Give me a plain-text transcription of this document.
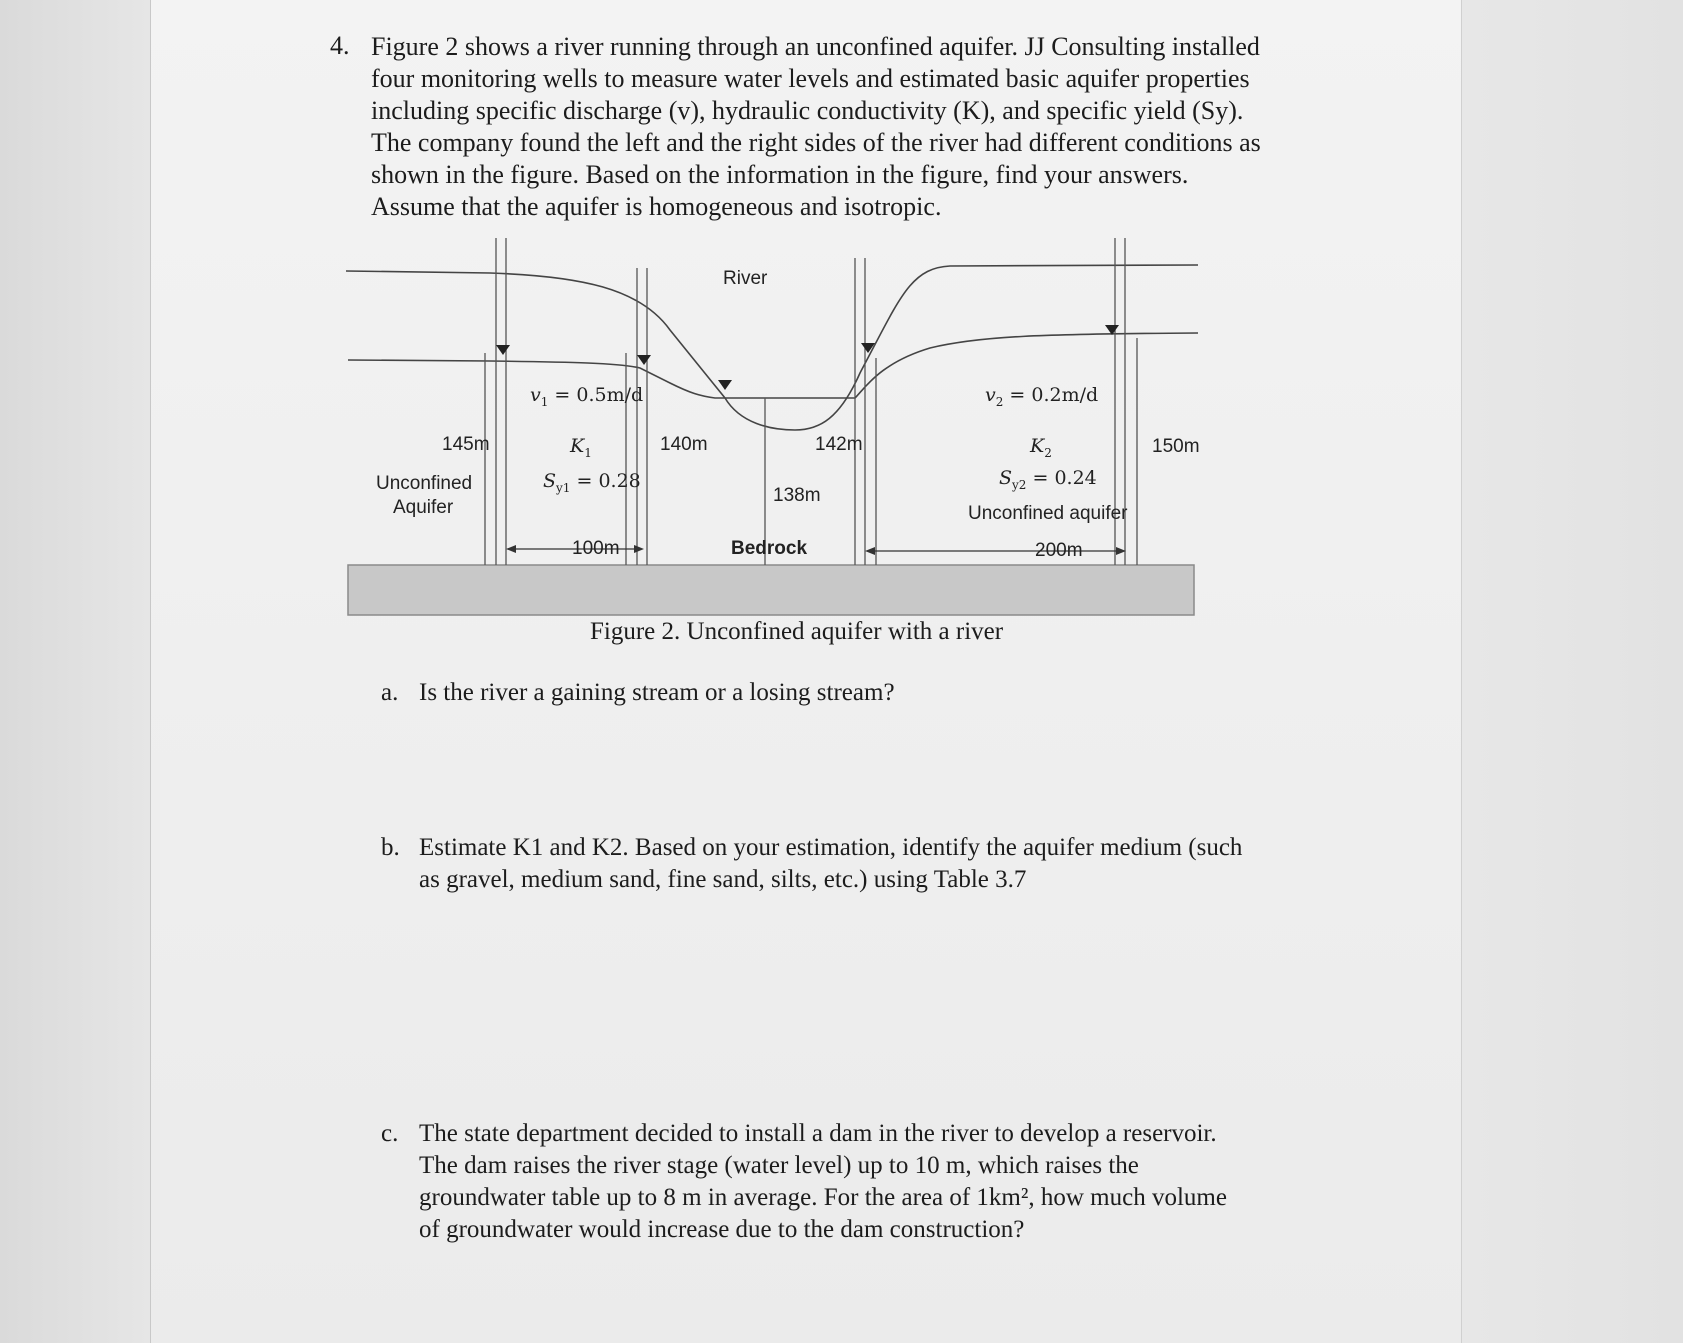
4. Figure 2 shows a river running through an unconfined aquifer. JJ Consulting installed
four monitoring wells to measure water levels and estimated basic aquifer properties
including specific discharge (v), hydraulic conductivity (K), and specific yield (Sy).
The company found the left and the right sides of the river had different conditions as
shown in the figure. Based on the information in the figure, find your answers.
Assume that the aquifer is homogeneous and isotropic.

River
$v_1 = 0.5m/d$
$K_1$
$S_{y1} = 0.28$
145m	140m	142m	150m
Unconfined
Aquifer
138m
$v_2 = 0.2m/d$
$K_2$
$S_{y2} = 0.24$
Unconfined aquifer
100m	Bedrock	200m
Figure 2. Unconfined aquifer with a river
a. Is the river a gaining stream or a losing stream?
b. Estimate K1 and K2. Based on your estimation, identify the aquifer medium (such
as gravel, medium sand, fine sand, silts, etc.) using Table 3.7
c. The state department decided to install a dam in the river to develop a reservoir.
The dam raises the river stage (water level) up to 10 m, which raises the
groundwater table up to 8 m in average. For the area of 1km², how much volume
of groundwater would increase due to the dam construction?
